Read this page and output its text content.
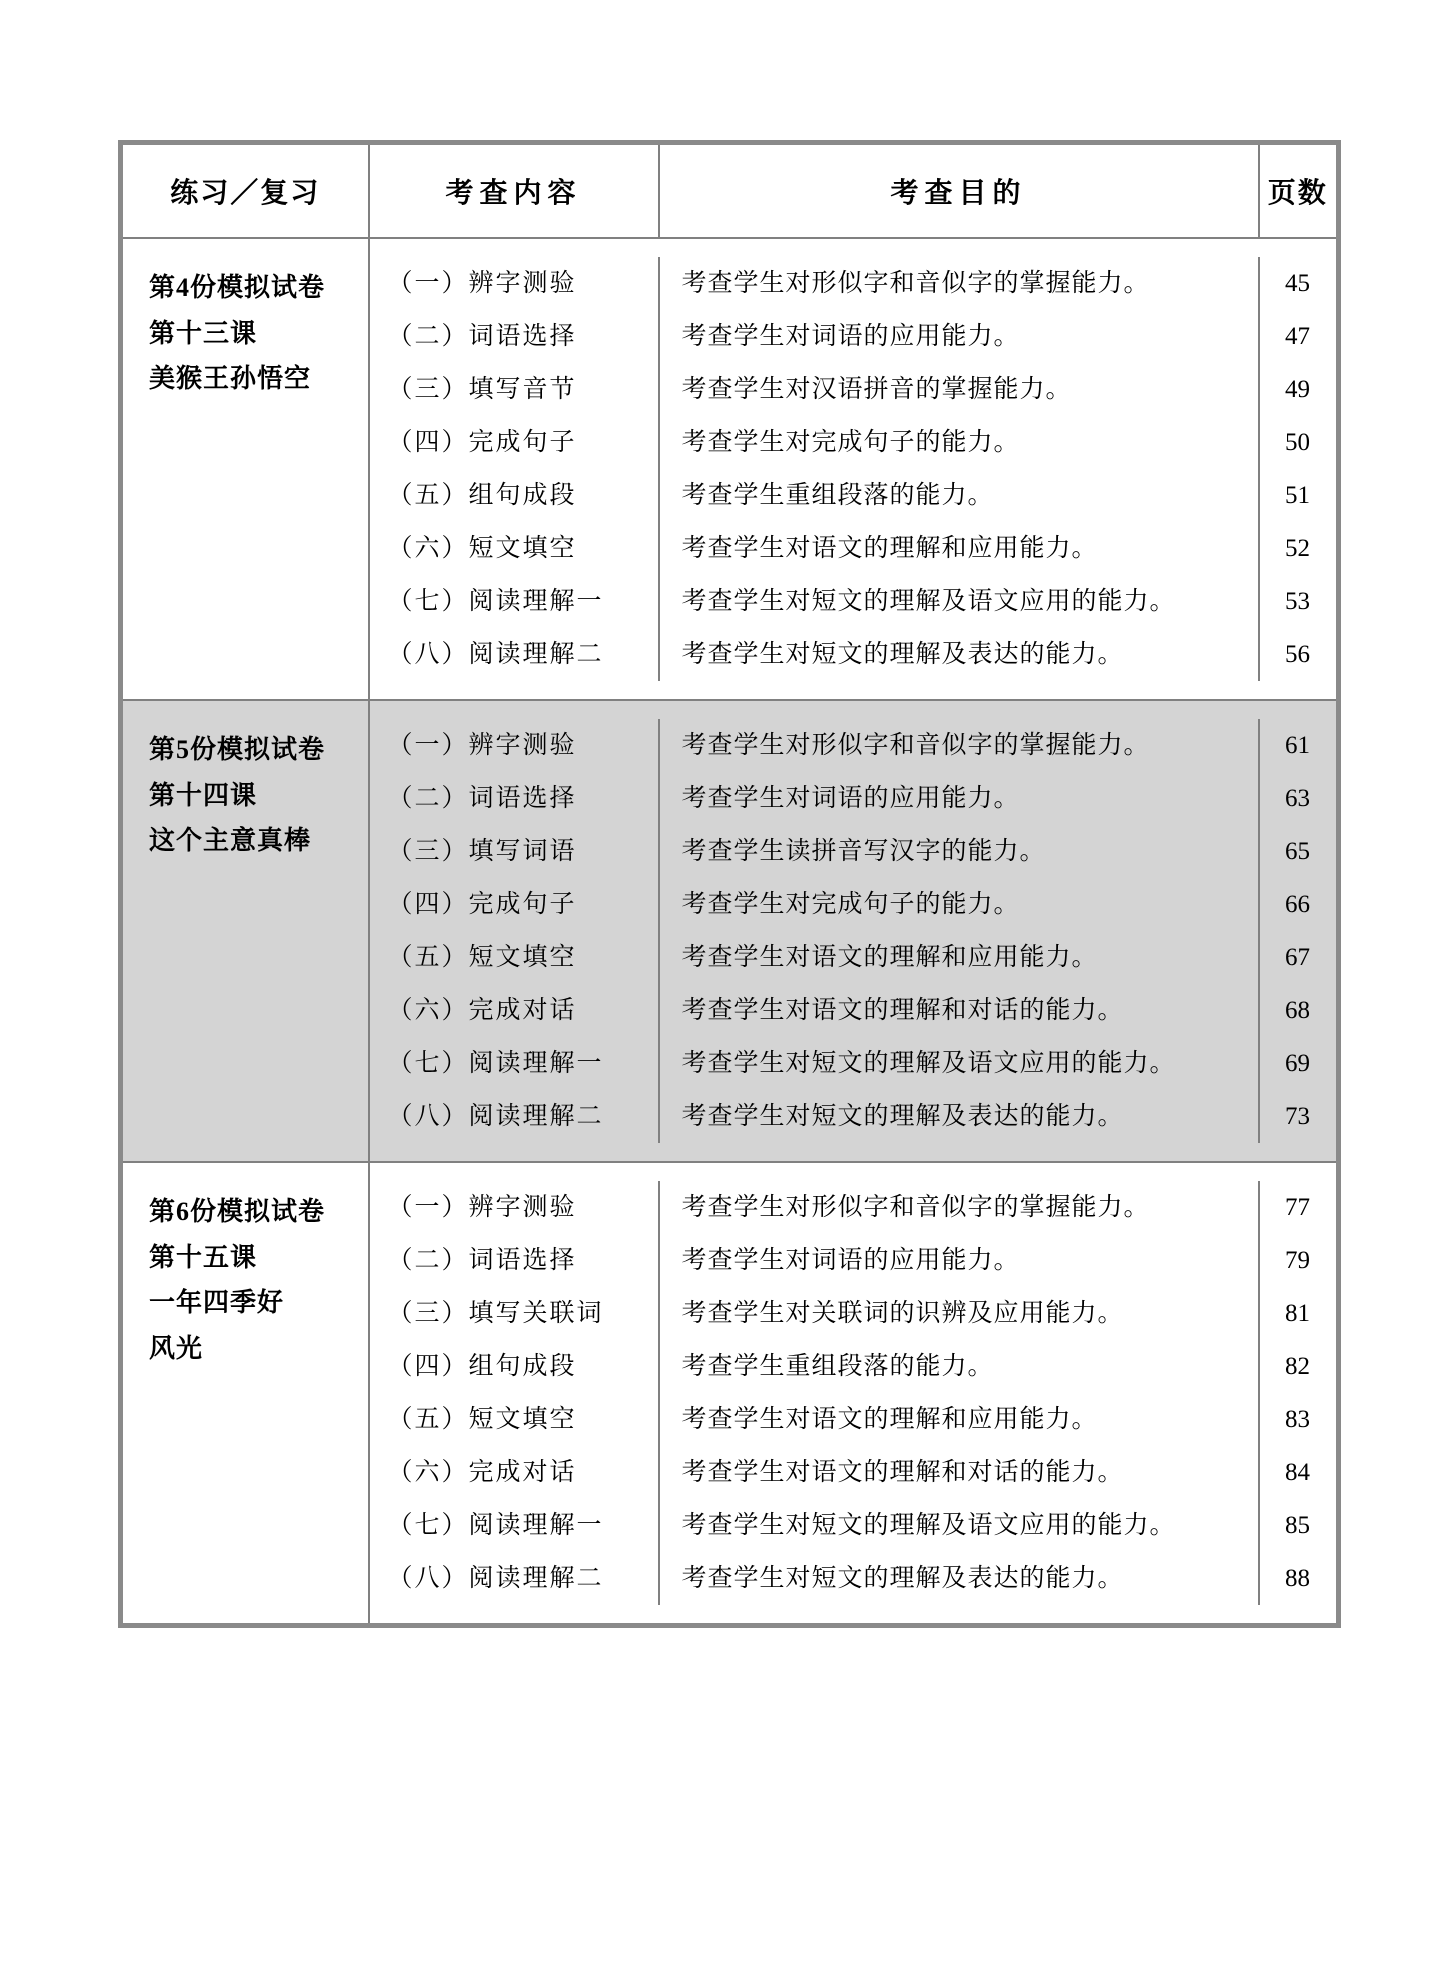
练习／复习	考查内容	考查目的	页数

第4份模拟试卷
第十三课
美猴王孙悟空

（一）辨字测验	考查学生对形似字和音似字的掌握能力。	45
（二）词语选择	考查学生对词语的应用能力。	47
（三）填写音节	考查学生对汉语拼音的掌握能力。	49
（四）完成句子	考查学生对完成句子的能力。	50
（五）组句成段	考查学生重组段落的能力。	51
（六）短文填空	考查学生对语文的理解和应用能力。	52
（七）阅读理解一	考查学生对短文的理解及语文应用的能力。	53
（八）阅读理解二	考查学生对短文的理解及表达的能力。	56

第5份模拟试卷
第十四课
这个主意真棒

（一）辨字测验	考查学生对形似字和音似字的掌握能力。	61
（二）词语选择	考查学生对词语的应用能力。	63
（三）填写词语	考查学生读拼音写汉字的能力。	65
（四）完成句子	考查学生对完成句子的能力。	66
（五）短文填空	考查学生对语文的理解和应用能力。	67
（六）完成对话	考查学生对语文的理解和对话的能力。	68
（七）阅读理解一	考查学生对短文的理解及语文应用的能力。	69
（八）阅读理解二	考查学生对短文的理解及表达的能力。	73

第6份模拟试卷
第十五课
一年四季好
风光

（一）辨字测验	考查学生对形似字和音似字的掌握能力。	77
（二）词语选择	考查学生对词语的应用能力。	79
（三）填写关联词	考查学生对关联词的识辨及应用能力。	81
（四）组句成段	考查学生重组段落的能力。	82
（五）短文填空	考查学生对语文的理解和应用能力。	83
（六）完成对话	考查学生对语文的理解和对话的能力。	84
（七）阅读理解一	考查学生对短文的理解及语文应用的能力。	85
（八）阅读理解二	考查学生对短文的理解及表达的能力。	88
